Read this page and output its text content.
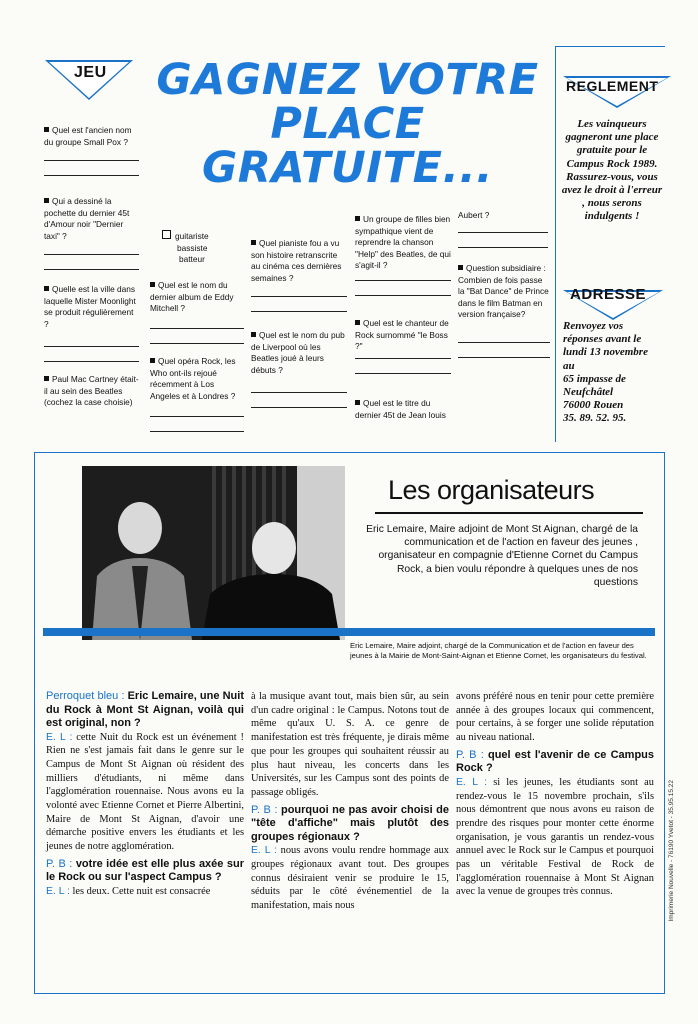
JEU GAGNEZ VOTRE
PLACE
GRATUITE...
REGLEMENT
Les vainqueurs gagneront une place gratuite pour le Campus Rock 1989. Rassurez-vous, vous avez le droit à l'erreur , nous serons indulgents !
ADRESSE
Renvoyez vos
réponses avant le
lundi 13 novembre
au
65 impasse de
Neufchâtel
76000 Rouen
35. 89. 52. 95.
Quel est l'ancien nom du groupe Small Pox ?
Qui a dessiné la pochette du dernier 45t d'Amour noir "Dernier taxi" ?
Quelle est la ville dans laquelle Mister Moonlight se produit régulièrement ?
Paul Mac Cartney était-il au sein des Beatles (cochez la case choisie)
guitariste
bassiste
batteur
Quel est le nom du dernier album de Eddy Mitchell ?
Quel opéra Rock, les Who ont-ils rejoué récemment à Los Angeles et à Londres ?
Quel pianiste fou a vu son histoire retranscrite au cinéma ces dernières semaines ?
Quel est le nom du pub de Liverpool où les Beatles joué à leurs débuts ?
Un groupe de filles bien sympathique vient de reprendre la chanson "Help" des Beatles, de qui s'agit-il ?
Quel est le chanteur de Rock surnommé "le Boss ?"
Quel est le titre du dernier 45t de Jean louis
Aubert ?
Question subsidiaire : Combien de fois passe la "Bat Dance" de Prince dans le film Batman en version française?
Les organisateurs
Eric Lemaire, Maire adjoint de Mont St Aignan, chargé de la communication et de l'action en faveur des jeunes , organisateur en compagnie d'Etienne Cornet du Campus Rock, a bien voulu répondre à quelques unes de nos questions
Eric Lemaire, Maire adjoint, chargé de la Communication et de l'action en faveur des jeunes à la Mairie de Mont-Saint-Aignan et Etienne Cornet, les organisateurs du festival.

Perroquet bleu : Eric Lemaire, une Nuit du Rock à Mont St Aignan, voilà qui est original, non ?

E. L : cette Nuit du Rock est un événement ! Rien ne s'est jamais fait dans le genre sur le Campus de Mont St Aignan où résident des milliers d'étudiants, ni même dans l'agglomération rouennaise. Nous avons eu la volonté avec Etienne Cornet et Pierre Albertini, Maire de Mont St Aignan, d'avoir une démarche positive envers les étudiants et les jeunes de notre agglomération.

P. B : votre idée est elle plus axée sur le Rock ou sur l'aspect Campus ?

E. L : les deux. Cette nuit est consacrée

à la musique avant tout, mais bien sûr, au sein d'un cadre original : le Campus. Notons tout de même qu'aux U. S. A. ce genre de manifestation est très fréquente, je dirais même que pour les groupes qui souhaitent réussir au plus haut niveau, les concerts dans les Universités, sur les Campus sont des points de passage obligés.

P. B : pourquoi ne pas avoir choisi de "tête d'affiche" mais plutôt des groupes régionaux ?

E. L : nous avons voulu rendre hommage aux groupes régionaux avant tout. Des groupes connus désiraient venir se produire le 15, séduits par le côté événementiel de la manifestation, mais nous

avons préféré nous en tenir pour cette première année à des groupes locaux qui commencent, pour certains, à se forger une solide réputation au niveau national.

P. B : quel est l'avenir de ce Campus Rock ?

E. L : si les jeunes, les étudiants sont au rendez-vous le 15 novembre prochain, s'ils nous démontrent que nous avons eu raison de prendre des risques pour monter cette énorme organisation, je vous garantis un rendez-vous annuel avec le Rock sur le Campus et pourquoi pas un véritable Festival de Rock de l'agglomération rouennaise à Mont St Aignan avec la venue de groupes très connus.	Imprimerie Nouvelle - 76190 Yvetot - 35.95.15.22
